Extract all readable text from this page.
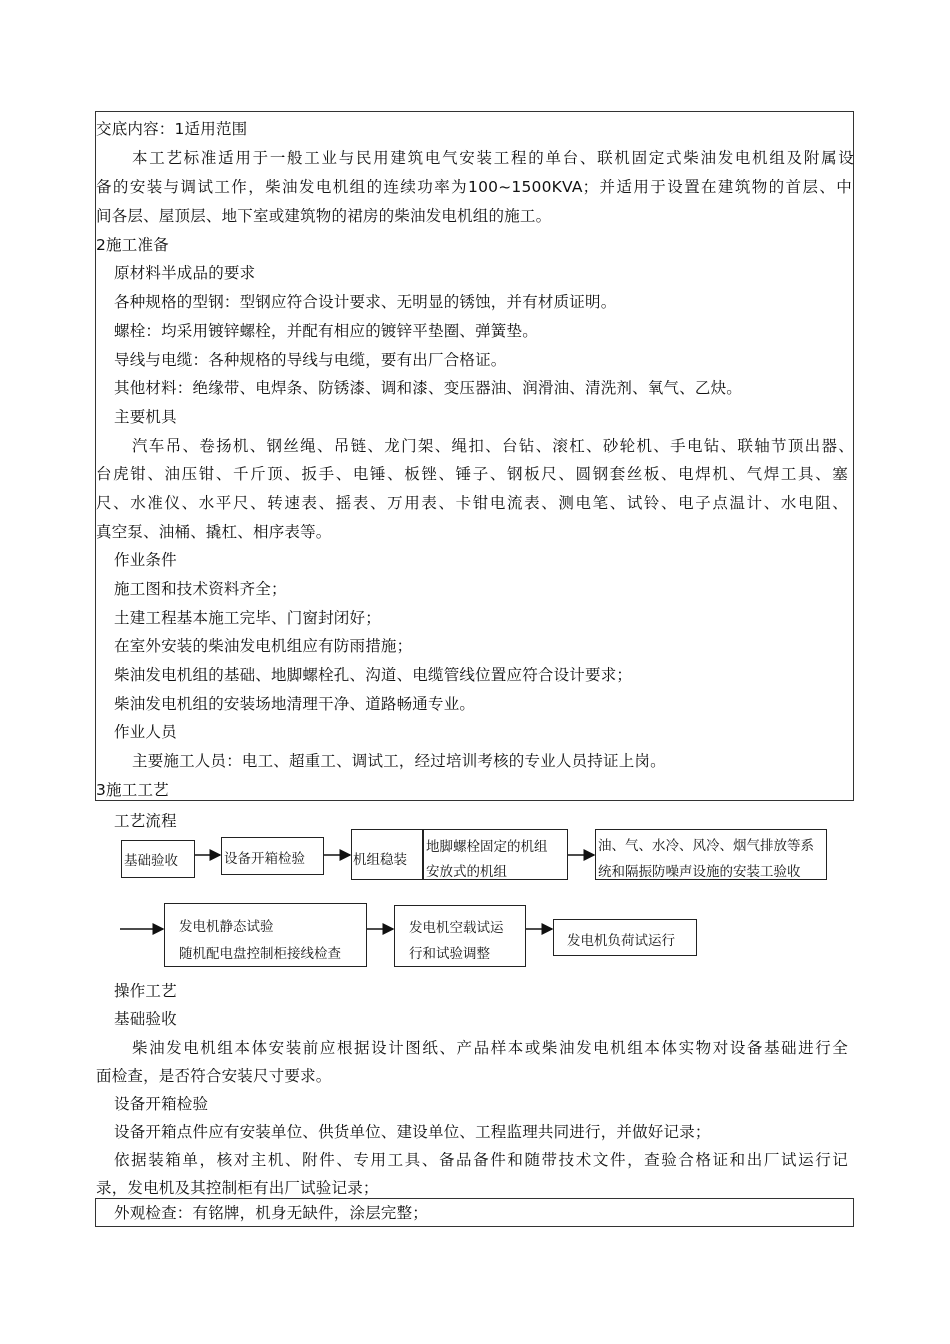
交底内容：1适用范围
本工艺标准适用于一般工业与民用建筑电气安装工程的单台、联机固定式柴油发电机组及附属设
备的安装与调试工作，柴油发电机组的连续功率为100~1500KVA；并适用于设置在建筑物的首层、中
间各层、屋顶层、地下室或建筑物的裙房的柴油发电机组的施工。
2施工准备
原材料半成品的要求
各种规格的型钢：型钢应符合设计要求、无明显的锈蚀，并有材质证明。
螺栓：均采用镀锌螺栓，并配有相应的镀锌平垫圈、弹簧垫。
导线与电缆：各种规格的导线与电缆，要有出厂合格证。
其他材料：绝缘带、电焊条、防锈漆、调和漆、变压器油、润滑油、清洗剂、氧气、乙炔。
主要机具
汽车吊、卷扬机、钢丝绳、吊链、龙门架、绳扣、台钻、滚杠、砂轮机、手电钻、联轴节顶出器、
台虎钳、油压钳、千斤顶、扳手、电锤、板锉、锤子、钢板尺、圆钢套丝板、电焊机、气焊工具、塞
尺、水准仪、水平尺、转速表、摇表、万用表、卡钳电流表、测电笔、试铃、电子点温计、水电阻、
真空泵、油桶、撬杠、相序表等。
作业条件
施工图和技术资料齐全；
土建工程基本施工完毕、门窗封闭好；
在室外安装的柴油发电机组应有防雨措施；
柴油发电机组的基础、地脚螺栓孔、沟道、电缆管线位置应符合设计要求；
柴油发电机组的安装场地清理干净、道路畅通专业。
作业人员
主要施工人员：电工、超重工、调试工，经过培训考核的专业人员持证上岗。
3施工工艺
工艺流程
基础验收	设备开箱检验	机组稳装
地脚螺栓固定的机组
安放式的机组
油、气、水冷、风冷、烟气排放等系
统和隔振防噪声设施的安装工验收
发电机静态试验
随机配电盘控制柜接线检查
发电机空载试运
行和试验调整
发电机负荷试运行
操作工艺
基础验收
柴油发电机组本体安装前应根据设计图纸、产品样本或柴油发电机组本体实物对设备基础进行全
面检查，是否符合安装尺寸要求。
设备开箱检验
设备开箱点件应有安装单位、供货单位、建设单位、工程监理共同进行，并做好记录；
依据装箱单，核对主机、附件、专用工具、备品备件和随带技术文件，查验合格证和出厂试运行记
录，发电机及其控制柜有出厂试验记录；
外观检查：有铭牌，机身无缺件，涂层完整；
